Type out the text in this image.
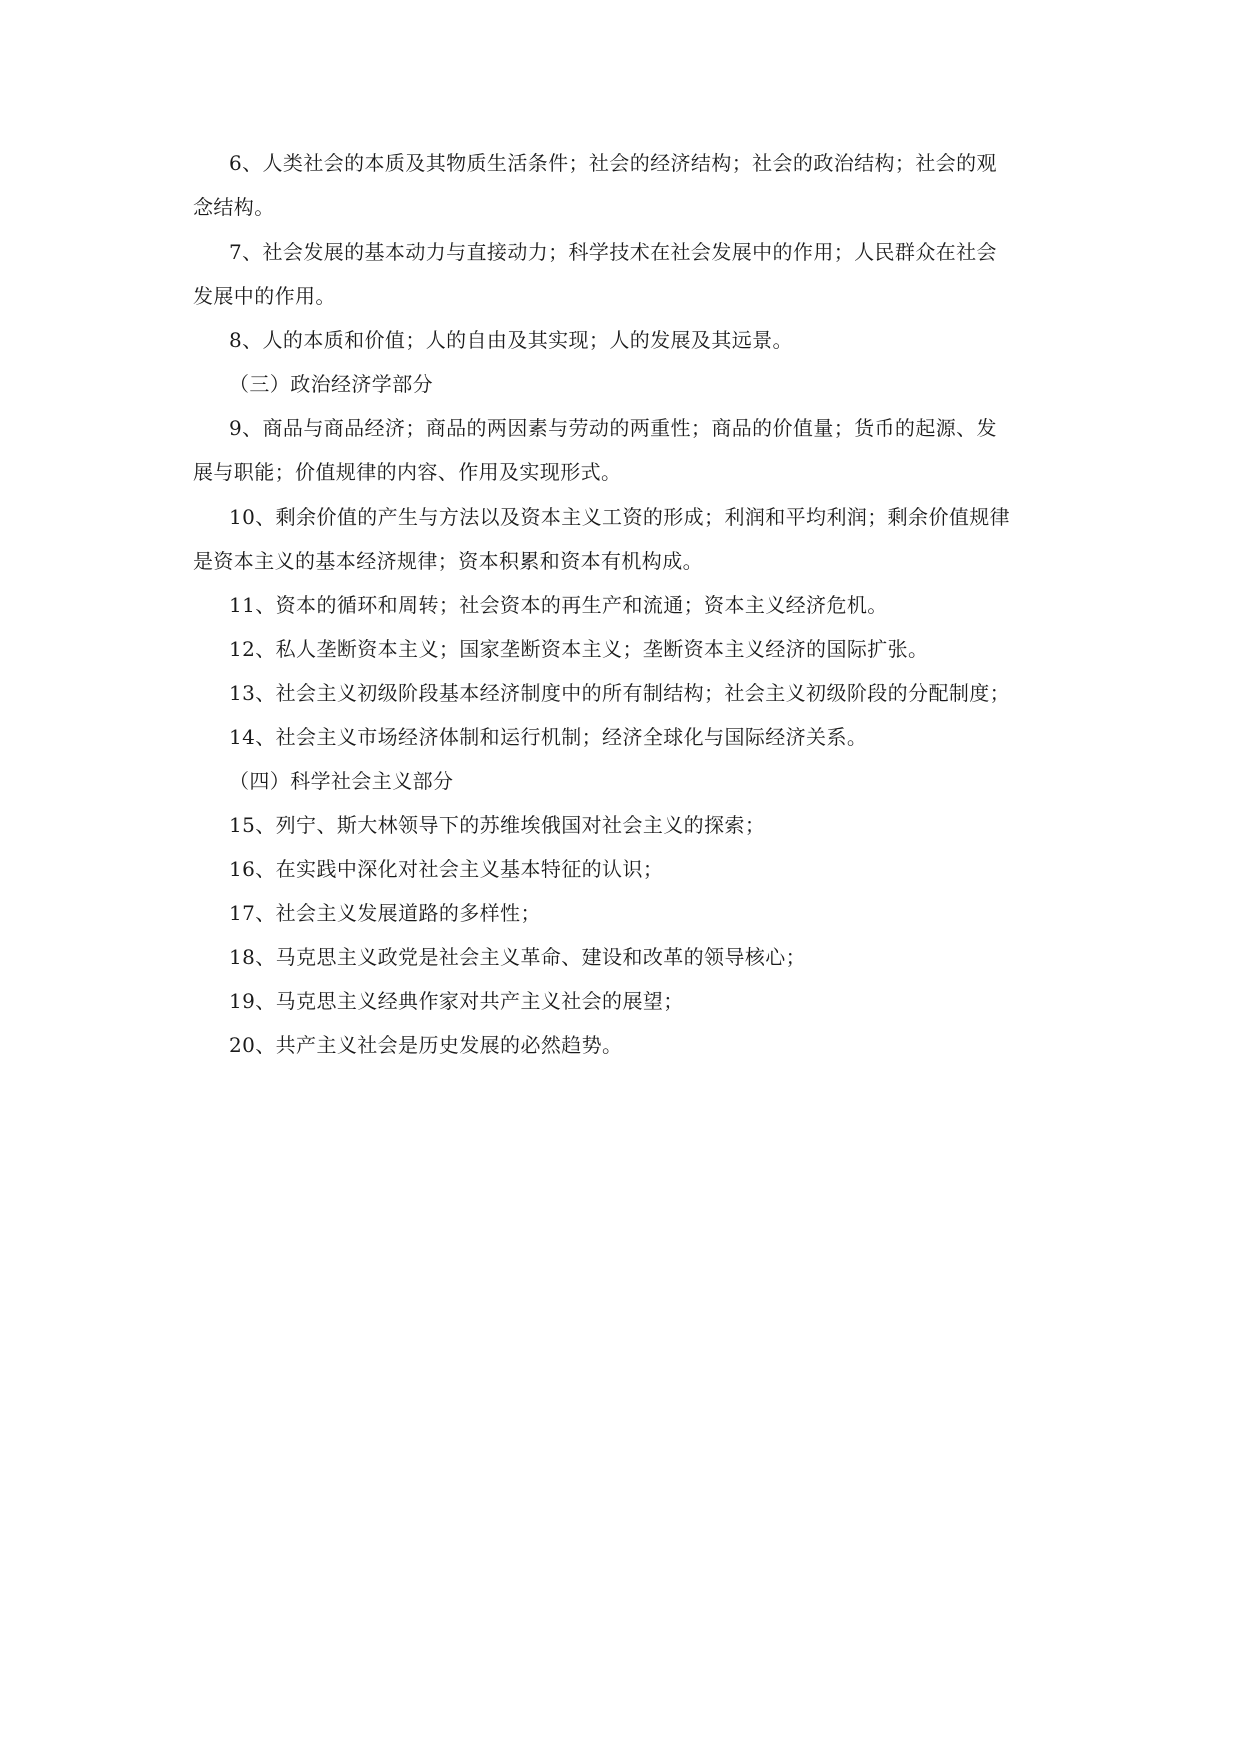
6、人类社会的本质及其物质生活条件；社会的经济结构；社会的政治结构；社会的观
念结构。
7、社会发展的基本动力与直接动力；科学技术在社会发展中的作用；人民群众在社会
发展中的作用。
8、人的本质和价值；人的自由及其实现；人的发展及其远景。
（三）政治经济学部分
9、商品与商品经济；商品的两因素与劳动的两重性；商品的价值量；货币的起源、发
展与职能；价值规律的内容、作用及实现形式。
10、剩余价值的产生与方法以及资本主义工资的形成；利润和平均利润；剩余价值规律
是资本主义的基本经济规律；资本积累和资本有机构成。
11、资本的循环和周转；社会资本的再生产和流通；资本主义经济危机。
12、私人垄断资本主义；国家垄断资本主义；垄断资本主义经济的国际扩张。
13、社会主义初级阶段基本经济制度中的所有制结构；社会主义初级阶段的分配制度；
14、社会主义市场经济体制和运行机制；经济全球化与国际经济关系。
（四）科学社会主义部分
15、列宁、斯大林领导下的苏维埃俄国对社会主义的探索；
16、在实践中深化对社会主义基本特征的认识；
17、社会主义发展道路的多样性；
18、马克思主义政党是社会主义革命、建设和改革的领导核心；
19、马克思主义经典作家对共产主义社会的展望；
20、共产主义社会是历史发展的必然趋势。
